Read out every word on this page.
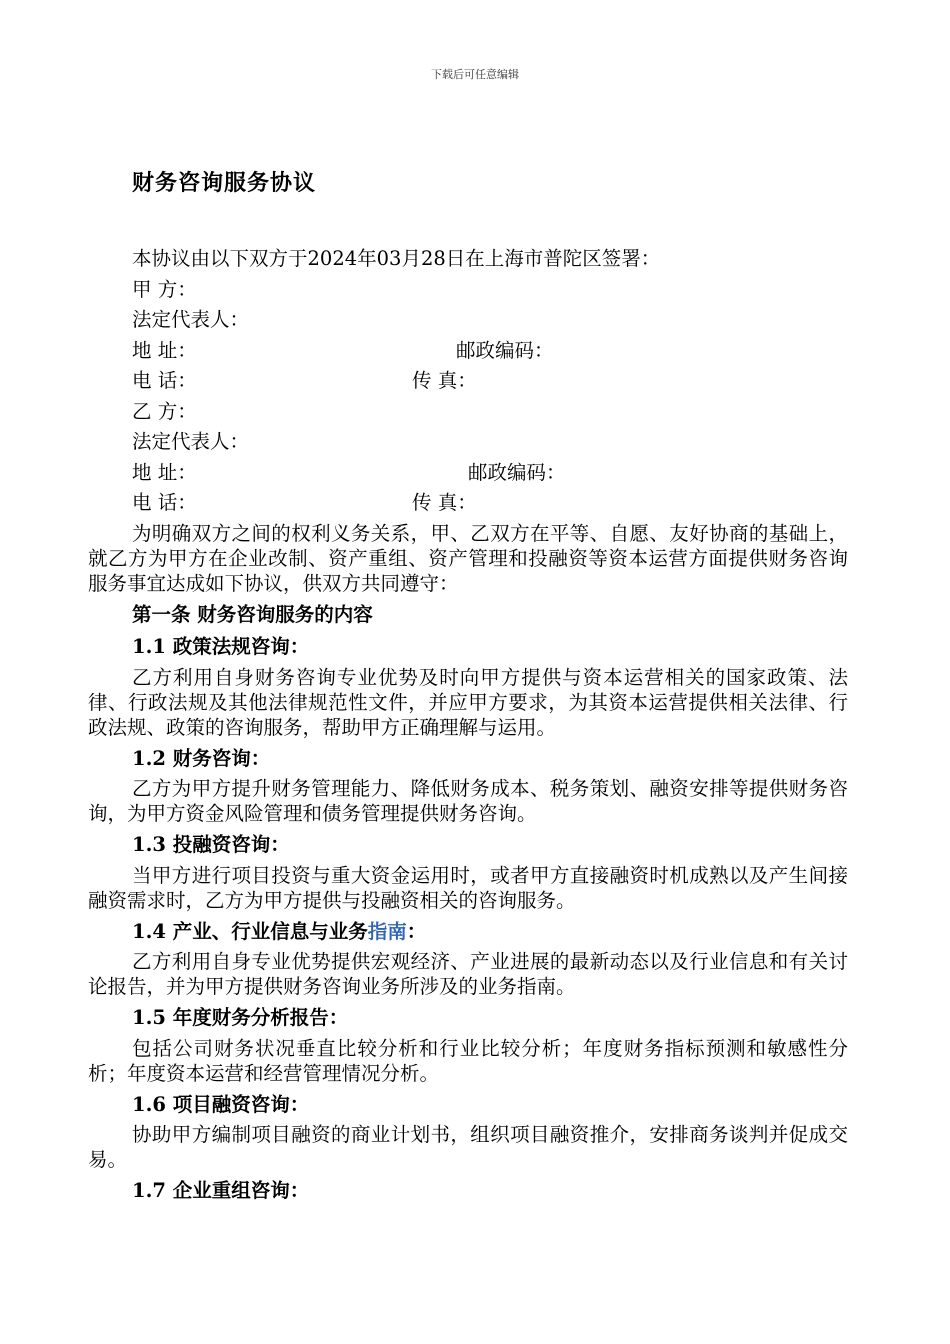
下载后可任意编辑
财务咨询服务协议
本协议由以下双方于2024年03月28日在上海市普陀区签署：
甲 方：
法定代表人：
地 址：	邮政编码：
电 话：	传 真：
乙 方：
法定代表人：
地 址：	邮政编码：
电 话：	传 真：
为明确双方之间的权利义务关系，甲、乙双方在平等、自愿、友好协商的基础上，就乙方为甲方在企业改制、资产重组、资产管理和投融资等资本运营方面提供财务咨询服务事宜达成如下协议，供双方共同遵守：
第一条 财务咨询服务的内容
1.1 政策法规咨询：
乙方利用自身财务咨询专业优势及时向甲方提供与资本运营相关的国家政策、法律、行政法规及其他法律规范性文件，并应甲方要求，为其资本运营提供相关法律、行政法规、政策的咨询服务，帮助甲方正确理解与运用。
1.2 财务咨询：
乙方为甲方提升财务管理能力、降低财务成本、税务策划、融资安排等提供财务咨询，为甲方资金风险管理和债务管理提供财务咨询。
1.3 投融资咨询：
当甲方进行项目投资与重大资金运用时，或者甲方直接融资时机成熟以及产生间接融资需求时，乙方为甲方提供与投融资相关的咨询服务。
1.4 产业、行业信息与业务指南：
乙方利用自身专业优势提供宏观经济、产业进展的最新动态以及行业信息和有关讨论报告，并为甲方提供财务咨询业务所涉及的业务指南。
1.5 年度财务分析报告：
包括公司财务状况垂直比较分析和行业比较分析；年度财务指标预测和敏感性分析；年度资本运营和经营管理情况分析。
1.6 项目融资咨询：
协助甲方编制项目融资的商业计划书，组织项目融资推介，安排商务谈判并促成交易。
1.7 企业重组咨询：
